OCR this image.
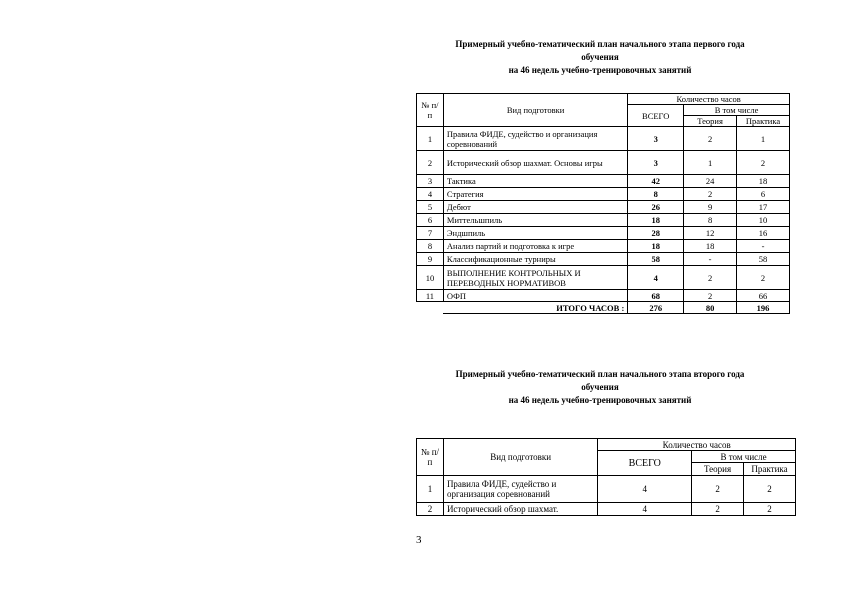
Примерный учебно-тематический план начального этапа первого года
обучения
на 46 недель учебно-тренировочных занятий
№ п/п	Вид подготовки	Количество часов		
		ВСЕГО	В том числе	
			Теория	Практика
1	Правила ФИДЕ, судейство и организация соревнований	3	2	1
2	Исторический обзор шахмат. Основы игры	3	1	2
3	Тактика	42	24	18
4	Стратегия	8	2	6
5	Дебют	26	9	17
6	Миттельшпиль	18	8	10
7	Эндшпиль	28	12	16
8	Анализ партий и подготовка к игре	18	18	-
9	Классификационные турниры	58	-	58
10	ВЫПОЛНЕНИЕ КОНТРОЛЬНЫХ И ПЕРЕВОДНЫХ НОРМАТИВОВ	4	2	2
11	ОФП	68	2	66
	ИТОГО ЧАСОВ :	276	80	196
Примерный учебно-тематический план начального этапа второго года
обучения
на 46 недель учебно-тренировочных занятий
№ п/п	Вид подготовки	Количество часов		
		ВСЕГО	В том числе	
			Теория	Практика
1	Правила ФИДЕ, судейство и организация соревнований	4	2	2
2	Исторический обзор шахмат.	4	2	2
3
